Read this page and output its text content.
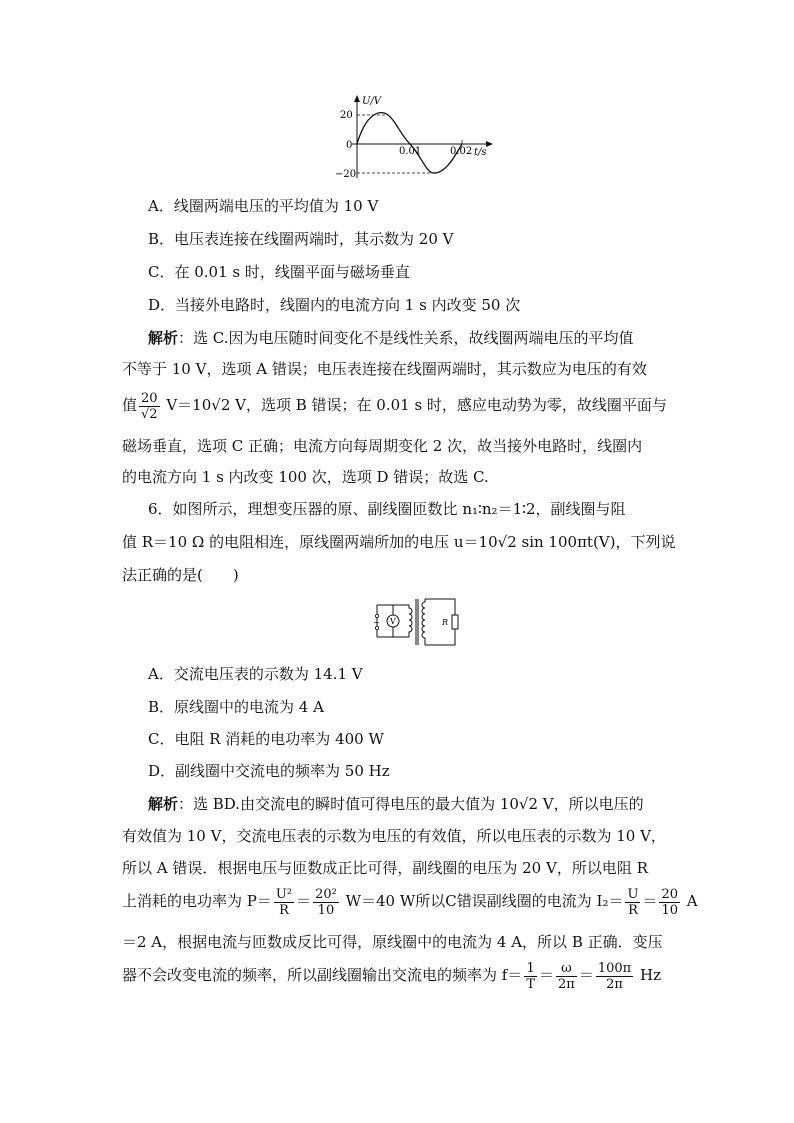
U/V
20
0
−20
0.01	0.02 t/s
A．线圈两端电压的平均值为 10 V
B．电压表连接在线圈两端时，其示数为 20 V
C．在 0.01 s 时，线圈平面与磁场垂直
D．当接外电路时，线圈内的电流方向 1 s 内改变 50 次
解析：选 C.因为电压随时间变化不是线性关系，故线圈两端电压的平均值
不等于 10 V，选项 A 错误；电压表连接在线圈两端时，其示数应为电压的有效
值 $\frac{20}{√2} V=10√2$ V，选项 B 错误；在 0.01 s 时，感应电动势为零，故线圈平面与
磁场垂直，选项 C 正确；电流方向每周期变化 2 次，故当接外电路时，线圈内
的电流方向 1 s 内改变 100 次，选项 D 错误；故选 C.
6．如图所示，理想变压器的原、副线圈匝数比 n₁∶n₂＝1∶2，副线圈与阻
值 R＝10 Ω 的电阻相连，原线圈两端所加的电压 u＝10√2 sin 100πt(V)，下列说
法正确的是(　　)
V
~	R
A．交流电压表的示数为 14.1 V
B．原线圈中的电流为 4 A
C．电阻 R 消耗的电功率为 400 W
D．副线圈中交流电的频率为 50 Hz
解析：选 BD.由交流电的瞬时值可得电压的最大值为 10√2 V，所以电压的
有效值为 10 V，交流电压表的示数为电压的有效值，所以电压表的示数为 10 V，
所以 A 错误．根据电压与匝数成正比可得，副线圈的电压为 20 V，所以电阻 R
上消耗的电功率为 $P= \frac{\text{U²}}{R} = \frac{\text{20²}}{10} W=40$ W所以C错误副线圈的电流为 $I_2= \frac{U}{R} = \frac{20}{10}$ A
＝2 A，根据电流与匝数成反比可得，原线圈中的电流为 4 A，所以 B 正确．变压
器不会改变电流的频率，所以副线圈输出交流电的频率为 $f= \frac{1}{T} = \frac{\omega}{2\pi} = \frac{100\pi}{2\pi}$ Hz
